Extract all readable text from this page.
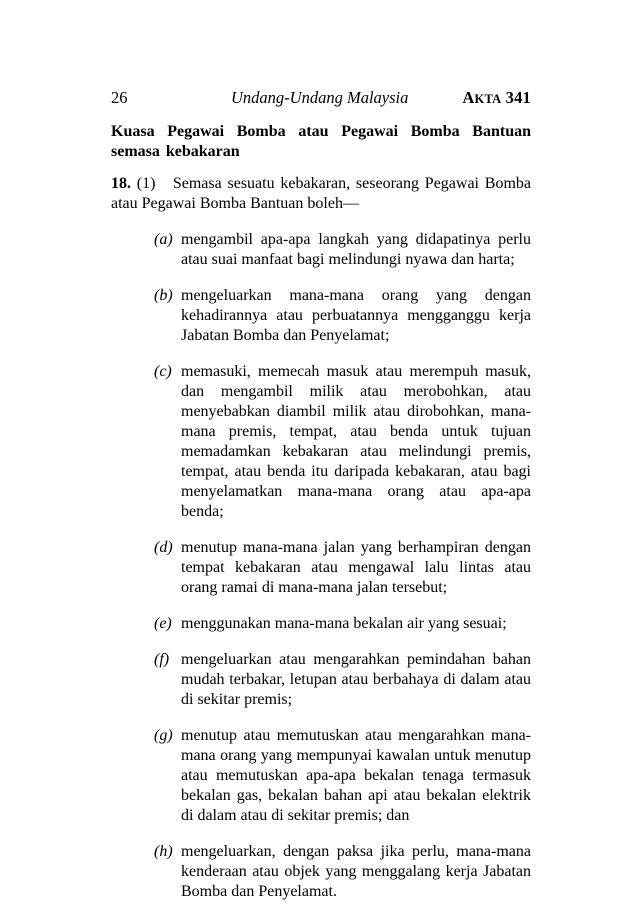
26	Undang-Undang Malaysia	AKTA 341

Kuasa Pegawai Bomba atau Pegawai Bomba Bantuan semasa kebakaran

18. (1)   Semasa sesuatu kebakaran, seseorang Pegawai Bomba atau Pegawai Bomba Bantuan boleh—

(a) mengambil apa-apa langkah yang didapatinya perlu atau suai manfaat bagi melindungi nyawa dan harta;
(b) mengeluarkan mana-mana orang yang dengan kehadirannya atau perbuatannya mengganggu kerja Jabatan Bomba dan Penyelamat;
(c) memasuki, memecah masuk atau merempuh masuk, dan mengambil milik atau merobohkan, atau menyebabkan diambil milik atau dirobohkan, mana-mana premis, tempat, atau benda untuk tujuan memadamkan kebakaran atau melindungi premis, tempat, atau benda itu daripada kebakaran, atau bagi menyelamatkan mana-mana orang atau apa-apa benda;
(d) menutup mana-mana jalan yang berhampiran dengan tempat kebakaran atau mengawal lalu lintas atau orang ramai di mana-mana jalan tersebut;
(e) menggunakan mana-mana bekalan air yang sesuai;
(f) mengeluarkan atau mengarahkan pemindahan bahan mudah terbakar, letupan atau berbahaya di dalam atau di sekitar premis;
(g) menutup atau memutuskan atau mengarahkan mana-mana orang yang mempunyai kawalan untuk menutup atau memutuskan apa-apa bekalan tenaga termasuk bekalan gas, bekalan bahan api atau bekalan elektrik di dalam atau di sekitar premis; dan
(h) mengeluarkan, dengan paksa jika perlu, mana-mana kenderaan atau objek yang menggalang kerja Jabatan Bomba dan Penyelamat.
